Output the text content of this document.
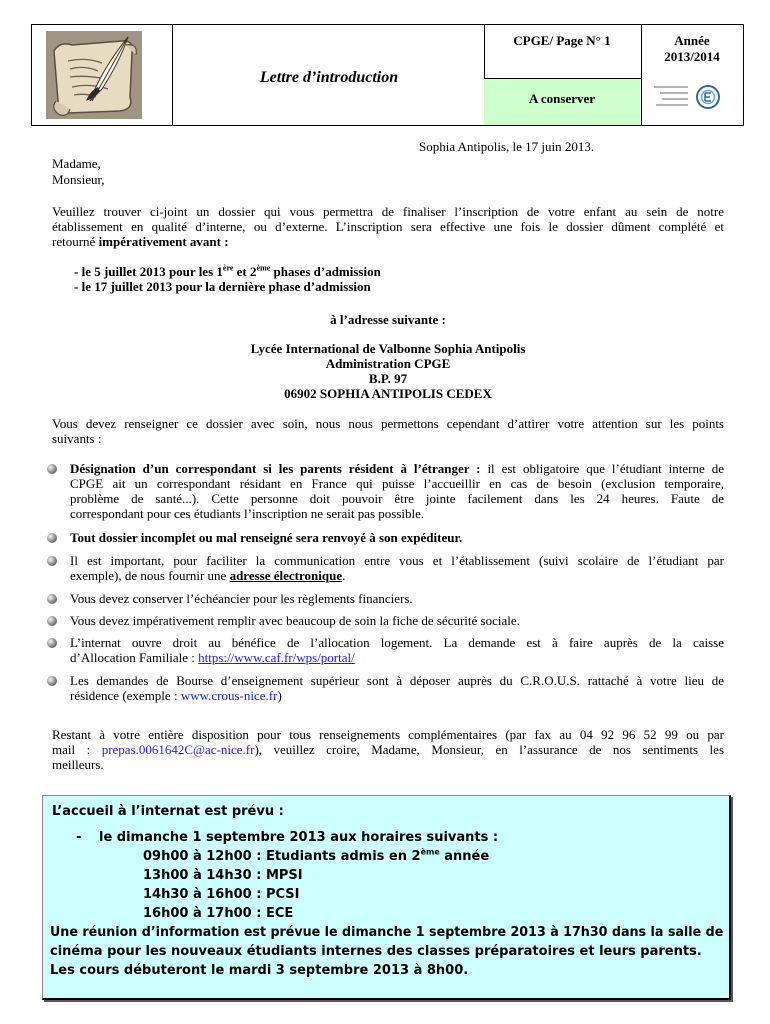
Lettre d’introduction
CPGE/ Page N° 1
A conserver
Année
2013/2014
Sophia Antipolis, le 17 juin 2013.
Madame,
Monsieur,
Veuillez trouver ci-joint un dossier qui vous permettra de finaliser l’inscription de votre enfant au sein de notre
établissement en qualité d’interne, ou d’externe. L’inscription sera effective une fois le dossier dûment complété et
retourné impérativement avant :
- le 5 juillet 2013 pour les 1ère et 2ème phases d’admission
- le 17 juillet 2013 pour la dernière phase d’admission
à l’adresse suivante :
Lycée International de Valbonne Sophia Antipolis
Administration CPGE
B.P. 97
06902 SOPHIA ANTIPOLIS CEDEX
Vous devez renseigner ce dossier avec soin, nous nous permettons cependant d’attirer votre attention sur les points
suivants :
Désignation d’un correspondant si les parents résident à l’étranger : il est obligatoire que l’étudiant interne de
CPGE ait un correspondant résidant en France qui puisse l’accueillir en cas de besoin (exclusion temporaire,
problème de santé...). Cette personne doit pouvoir être jointe facilement dans les 24 heures. Faute de
correspondant pour ces étudiants l’inscription ne serait pas possible.
Tout dossier incomplet ou mal renseigné sera renvoyé à son expéditeur.
Il est important, pour faciliter la communication entre vous et l’établissement (suivi scolaire de l’étudiant par
exemple), de nous fournir une adresse électronique.
Vous devez conserver l’échéancier pour les règlements financiers.
Vous devez impérativement remplir avec beaucoup de soin la fiche de sécurité sociale.
L’internat ouvre droit au bénéfice de l’allocation logement. La demande est à faire auprès de la caisse
d’Allocation Familiale : https://www.caf.fr/wps/portal/
Les demandes de Bourse d’enseignement supérieur sont à déposer auprès du C.R.O.U.S. rattaché à votre lieu de
résidence (exemple : www.crous-nice.fr)
Restant à votre entière disposition pour tous renseignements complémentaires (par fax au 04 92 96 52 99 ou par
mail : prepas.0061642C@ac-nice.fr), veuillez croire, Madame, Monsieur, en l’assurance de nos sentiments les
meilleurs.
L’accueil à l’internat est prévu :
- le dimanche 1 septembre 2013 aux horaires suivants :
09h00 à 12h00 : Etudiants admis en 2ème année
13h00 à 14h30 : MPSI
14h30 à 16h00 : PCSI
16h00 à 17h00 : ECE
Une réunion d’information est prévue le dimanche 1 septembre 2013 à 17h30 dans la salle de
cinéma pour les nouveaux étudiants internes des classes préparatoires et leurs parents.
Les cours débuteront le mardi 3 septembre 2013 à 8h00.
